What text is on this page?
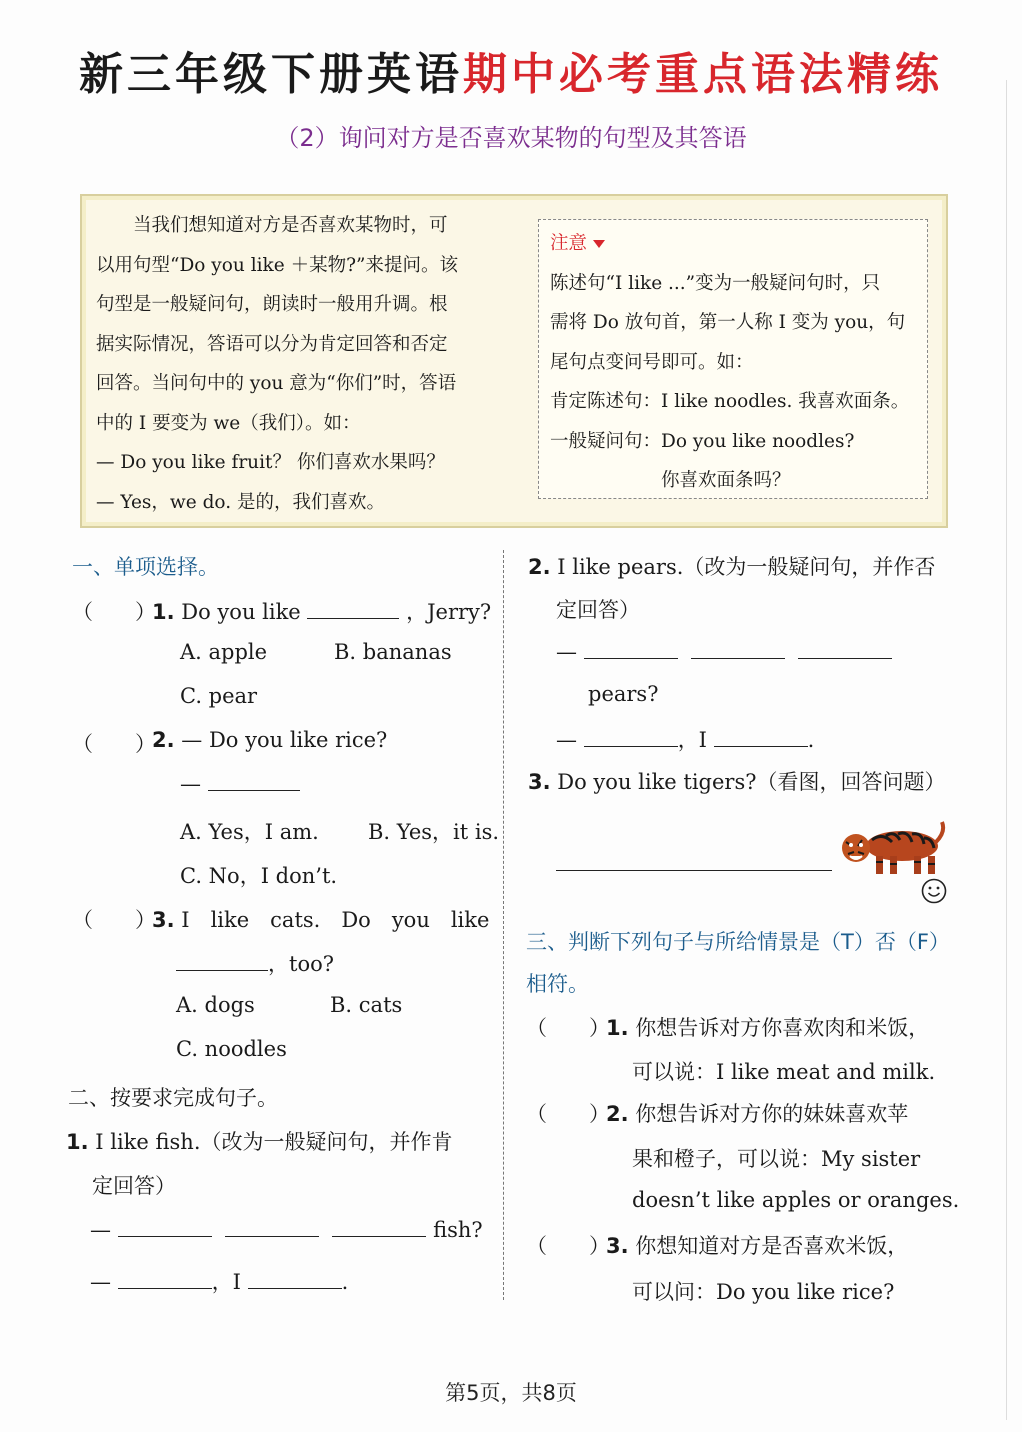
新三年级下册英语期中必考重点语法精练
（2）询问对方是否喜欢某物的句型及其答语

　　当我们想知道对方是否喜欢某物时，可

以用句型“Do you like ＋某物?”来提问。该

句型是一般疑问句，朗读时一般用升调。根

据实际情况，答语可以分为肯定回答和否定

回答。当问句中的 you 意为“你们”时，答语

中的 I 要变为 we（我们）。如：

— Do you like fruit？ 你们喜欢水果吗？

— Yes，we do. 是的，我们喜欢。

注意
陈述句“I like ...”变为一般疑问句时，只
需将 Do 放句首，第一人称 I 变为 you，句
尾句点变问号即可。如：
肯定陈述句：I like noodles. 我喜欢面条。
一般疑问句：Do you like noodles?
　　　　　　你喜欢面条吗？
一、单项选择。
（　　）
1. Do you like	，Jerry?
A. apple	B. bananas
C. pear
（　　）
2. — Do you like rice?
—
A. Yes，I am. B. Yes，it is.
C. No，I don’t.
（　　）
3. I　like　cats.　Do　you　like
，too?
A. dogs	B. cats
C. noodles
二、按要求完成句子。
1. I like fish.（改为一般疑问句，并作肯
定回答）
—	fish?
—	，I	.
2. I like pears.（改为一般疑问句，并作否
定回答）
—
pears?
—	，I	.
3. Do you like tigers?（看图，回答问题）
三、判断下列句子与所给情景是（T）否（F）
相符。
（　　）
1. 你想告诉对方你喜欢肉和米饭，
可以说：I like meat and milk.
（　　）
2. 你想告诉对方你的妹妹喜欢苹
果和橙子，可以说：My sister
doesn’t like apples or oranges.
（　　）
3. 你想知道对方是否喜欢米饭，
可以问：Do you like rice?
第5页，共8页
